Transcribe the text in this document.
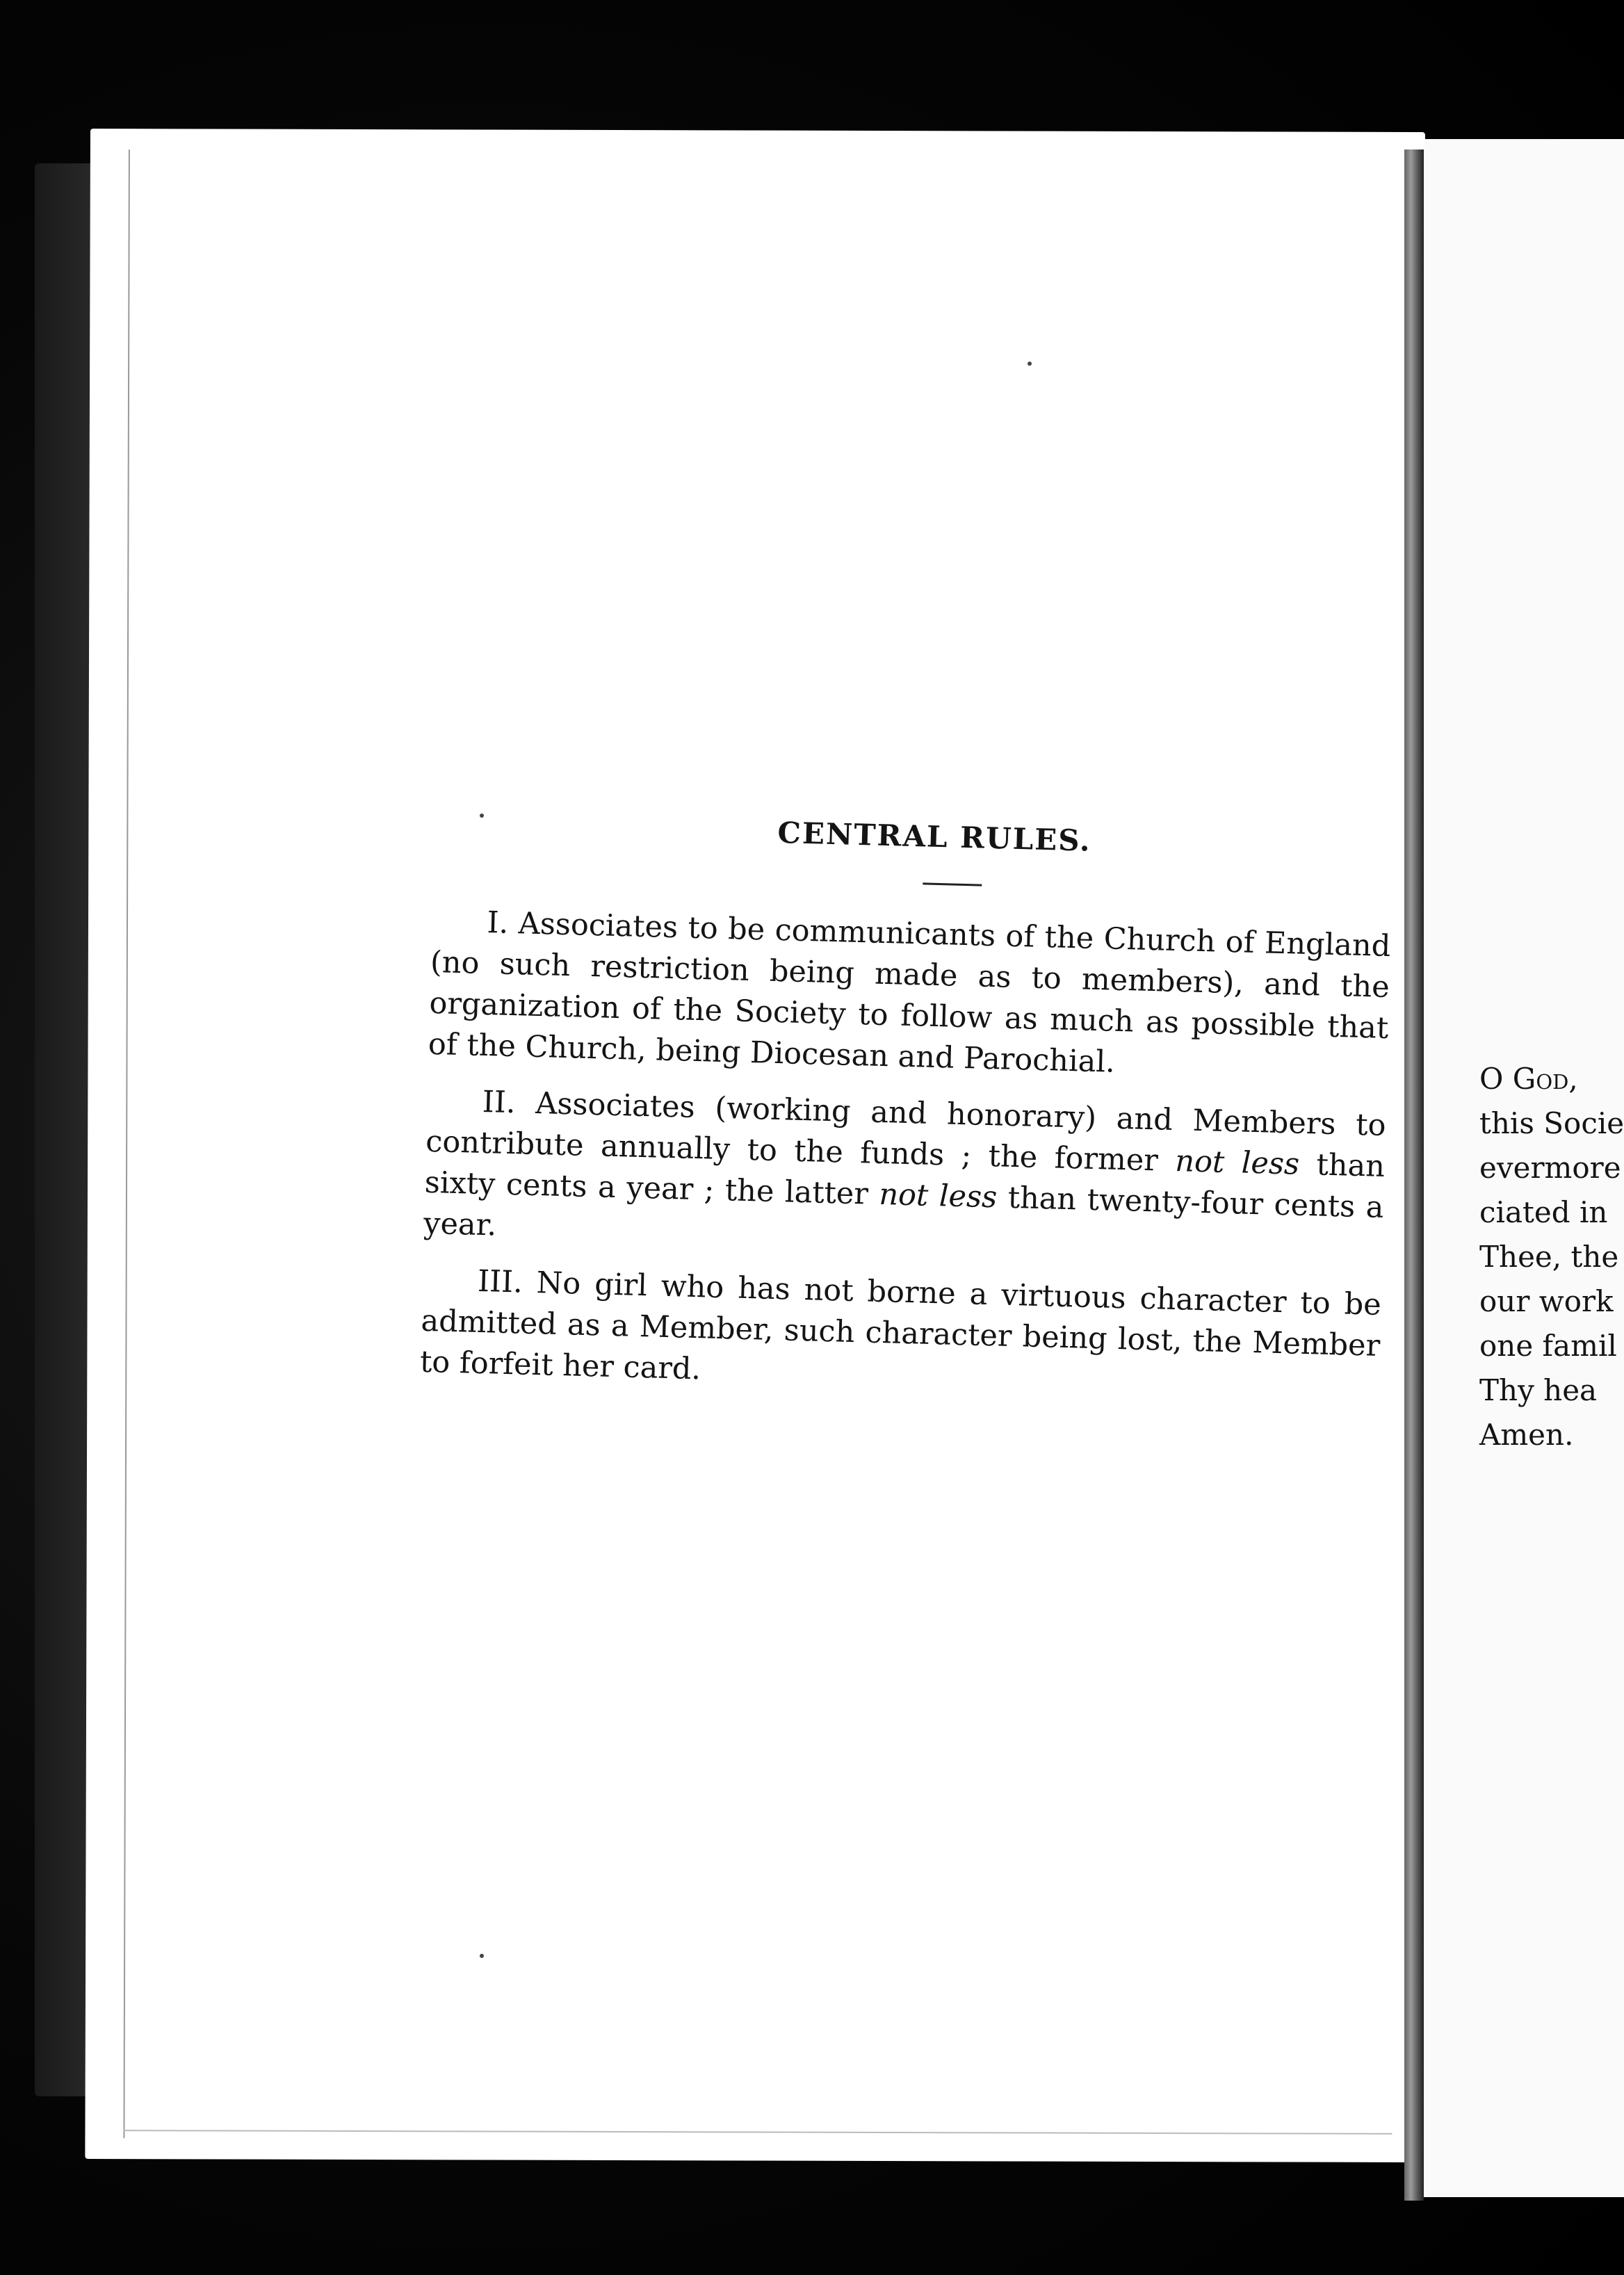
CENTRAL RULES.

I. Associates to be communicants of the Church of England (no such restriction being made as to members), and the organization of the Society to follow as much as possible that of the Church, being Diocesan and Parochial.

II. Associates (working and honorary) and Members to contribute annually to the funds ; the former not less than sixty cents a year ; the latter not less than twenty-four cents a year.

III. No girl who has not borne a virtuous character to be admitted as a Member, such character being lost, the Member to forfeit her card.

O God,
this Socie
evermore
ciated in
Thee, the
our work
one famil
Thy hea
Amen.
